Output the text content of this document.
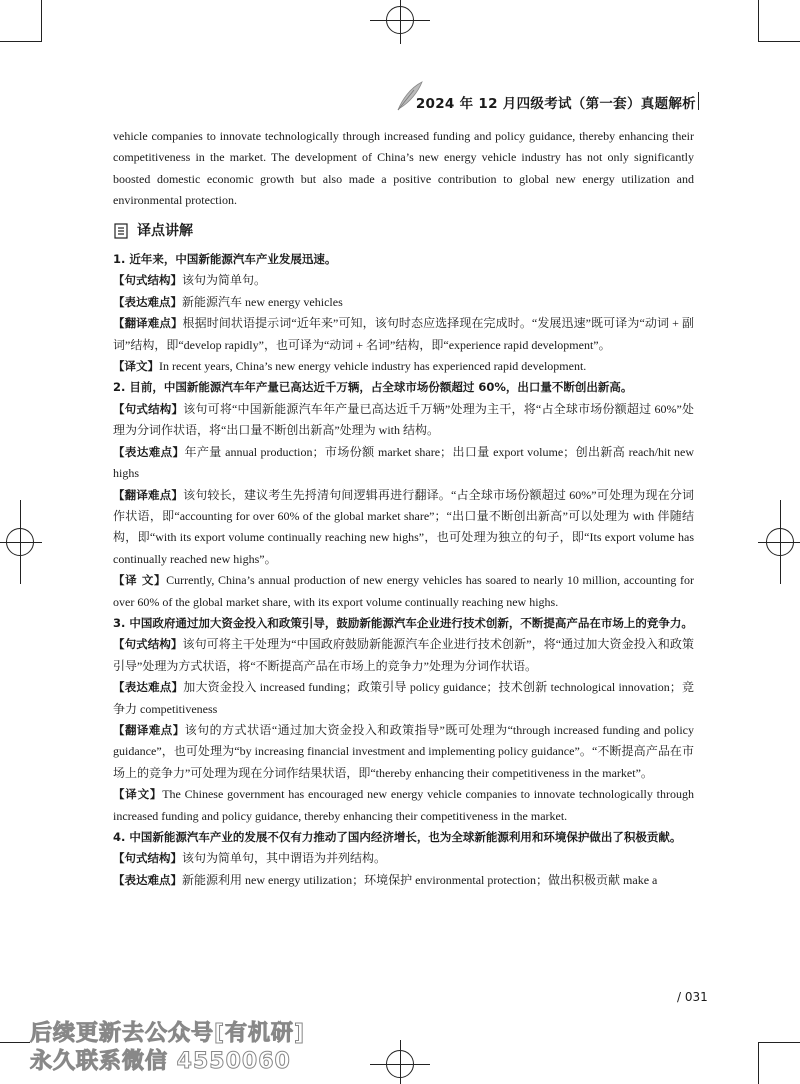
2024 年 12 月四级考试（第一套）真题解析

vehicle companies to innovate technologically through increased funding and policy guidance, thereby enhancing their competitiveness in the market. The development of China’s new energy vehicle industry has not only significantly boosted domestic economic growth but also made a positive contribution to global new energy utilization and environmental protection.

译点讲解

1. 近年来，中国新能源汽车产业发展迅速。

【句式结构】该句为简单句。

【表达难点】新能源汽车 new energy vehicles

【翻译难点】根据时间状语提示词“近年来”可知，该句时态应选择现在完成时。“发展迅速”既可译为“动词 + 副词”结构，即“develop rapidly”，也可译为“动词 + 名词”结构，即“experience rapid development”。

【译文】In recent years, China’s new energy vehicle industry has experienced rapid development.

2. 目前，中国新能源汽车年产量已高达近千万辆，占全球市场份额超过 60%，出口量不断创出新高。

【句式结构】该句可将“中国新能源汽车年产量已高达近千万辆”处理为主干，将“占全球市场份额超过 60%”处理为分词作状语，将“出口量不断创出新高”处理为 with 结构。

【表达难点】年产量 annual production；市场份额 market share；出口量 export volume；创出新高 reach/hit new highs

【翻译难点】该句较长，建议考生先捋清句间逻辑再进行翻译。“占全球市场份额超过 60%”可处理为现在分词作状语，即“accounting for over 60% of the global market share”；“出口量不断创出新高”可以处理为 with 伴随结构，即“with its export volume continually reaching new highs”，也可处理为独立的句子，即“Its export volume has continually reached new highs”。

【译 文】Currently, China’s annual production of new energy vehicles has soared to nearly 10 million, accounting for over 60% of the global market share, with its export volume continually reaching new highs.

3. 中国政府通过加大资金投入和政策引导，鼓励新能源汽车企业进行技术创新，不断提高产品在市场上的竞争力。

【句式结构】该句可将主干处理为“中国政府鼓励新能源汽车企业进行技术创新”，将“通过加大资金投入和政策引导”处理为方式状语，将“不断提高产品在市场上的竞争力”处理为分词作状语。

【表达难点】加大资金投入 increased funding；政策引导 policy guidance；技术创新 technological innovation；竞争力 competitiveness

【翻译难点】该句的方式状语“通过加大资金投入和政策指导”既可处理为“through increased funding and policy guidance”，也可处理为“by increasing financial investment and implementing policy guidance”。“不断提高产品在市场上的竞争力”可处理为现在分词作结果状语，即“thereby enhancing their competitiveness in the market”。

【译文】The Chinese government has encouraged new energy vehicle companies to innovate technologically through increased funding and policy guidance, thereby enhancing their competitiveness in the market.

4. 中国新能源汽车产业的发展不仅有力推动了国内经济增长，也为全球新能源利用和环境保护做出了积极贡献。

【句式结构】该句为简单句，其中谓语为并列结构。

【表达难点】新能源利用 new energy utilization；环境保护 environmental protection；做出积极贡献 make a

/ 031
后续更新去公众号[有机研]
永久联系微信 4550060
